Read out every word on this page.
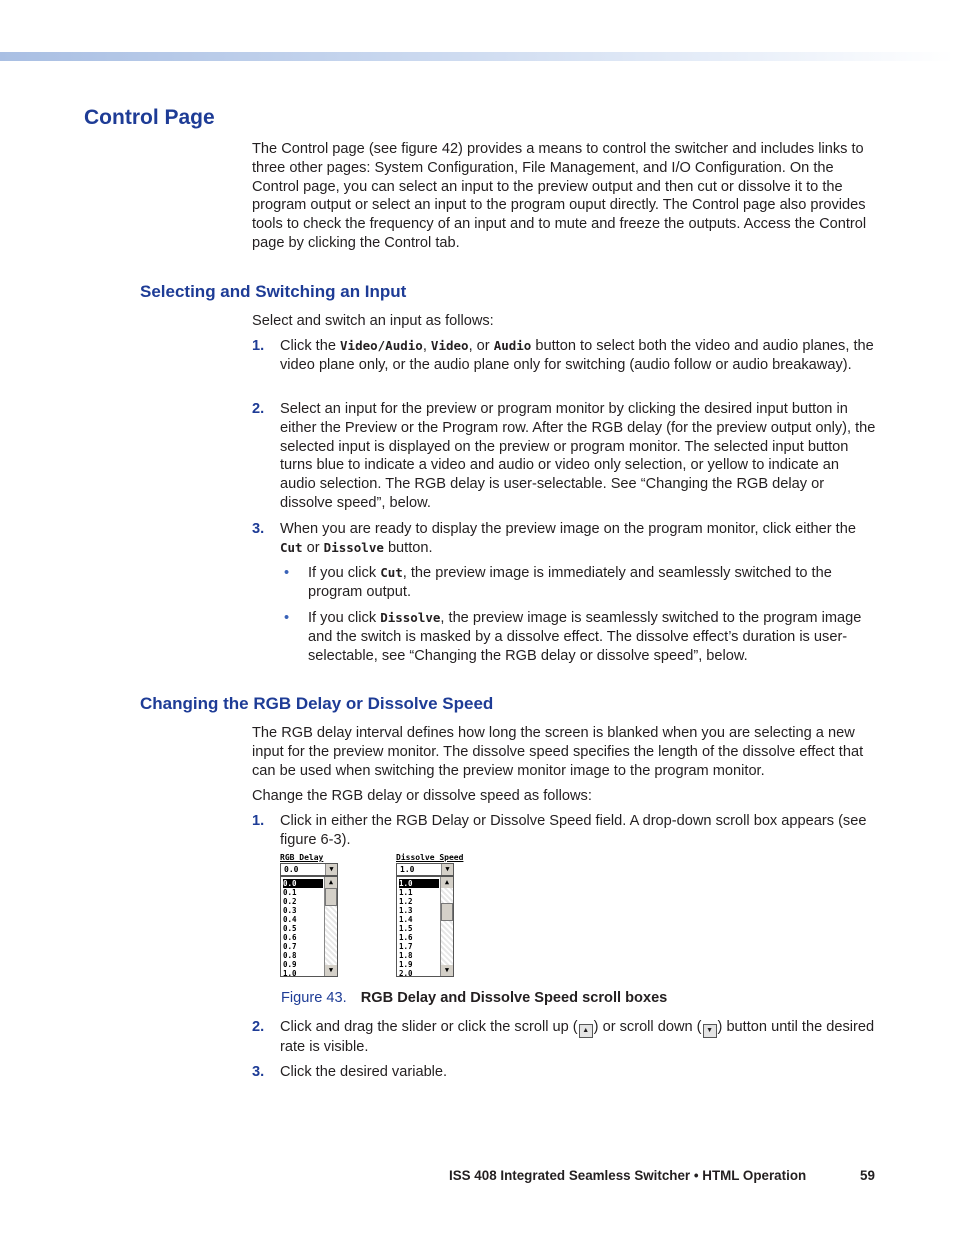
Control Page

The Control page (see figure 42) provides a means to control the switcher and includes links to three other pages: System Configuration, File Management, and I/O Configuration. On the Control page, you can select an input to the preview output and then cut or dissolve it to the program output or select an input to the program ouput directly. The Control page also provides tools to check the frequency of an input and to mute and freeze the outputs. Access the Control page by clicking the Control tab.

Selecting and Switching an Input

Select and switch an input as follows:

1. Click the Video/Audio, Video, or Audio button to select both the video and audio planes, the video plane only, or the audio plane only for switching (audio follow or audio breakaway).
2. Select an input for the preview or program monitor by clicking the desired input button in either the Preview or the Program row. After the RGB delay (for the preview output only), the selected input is displayed on the preview or program monitor. The selected input button turns blue to indicate a video and audio or video only selection, or yellow to indicate an audio selection. The RGB delay is user-selectable. See “Changing the RGB delay or dissolve speed”, below.
3. When you are ready to display the preview image on the program monitor, click either the Cut or Dissolve button.
• If you click Cut, the preview image is immediately and seamlessly switched to the program output.
• If you click Dissolve, the preview image is seamlessly switched to the program image and the switch is masked by a dissolve effect. The dissolve effect’s duration is user-selectable, see “Changing the RGB delay or dissolve speed”, below.
Changing the RGB Delay or Dissolve Speed

The RGB delay interval defines how long the screen is blanked when you are selecting a new input for the preview monitor. The dissolve speed specifies the length of the dissolve effect that can be used when switching the preview monitor image to the program monitor.

Change the RGB delay or dissolve speed as follows:

1. Click in either the RGB Delay or Dissolve Speed field. A drop-down scroll box appears (see figure 6-3).
RGB Delay
0.0	▼
0.0
0.1
0.2
0.3
0.4
0.5
0.6
0.7
0.8
0.9
1.0
▲
▼
Dissolve Speed
1.0	▼
1.0
1.1
1.2
1.3
1.4
1.5
1.6
1.7
1.8
1.9
2.0
▲
▼
Figure 43. RGB Delay and Dissolve Speed scroll boxes
2. Click and drag the slider or click the scroll up ( ▲ ) or scroll down ( ▼ ) button until the desired rate is visible.
3. Click the desired variable.
ISS 408 Integrated Seamless Switcher • HTML Operation	59
